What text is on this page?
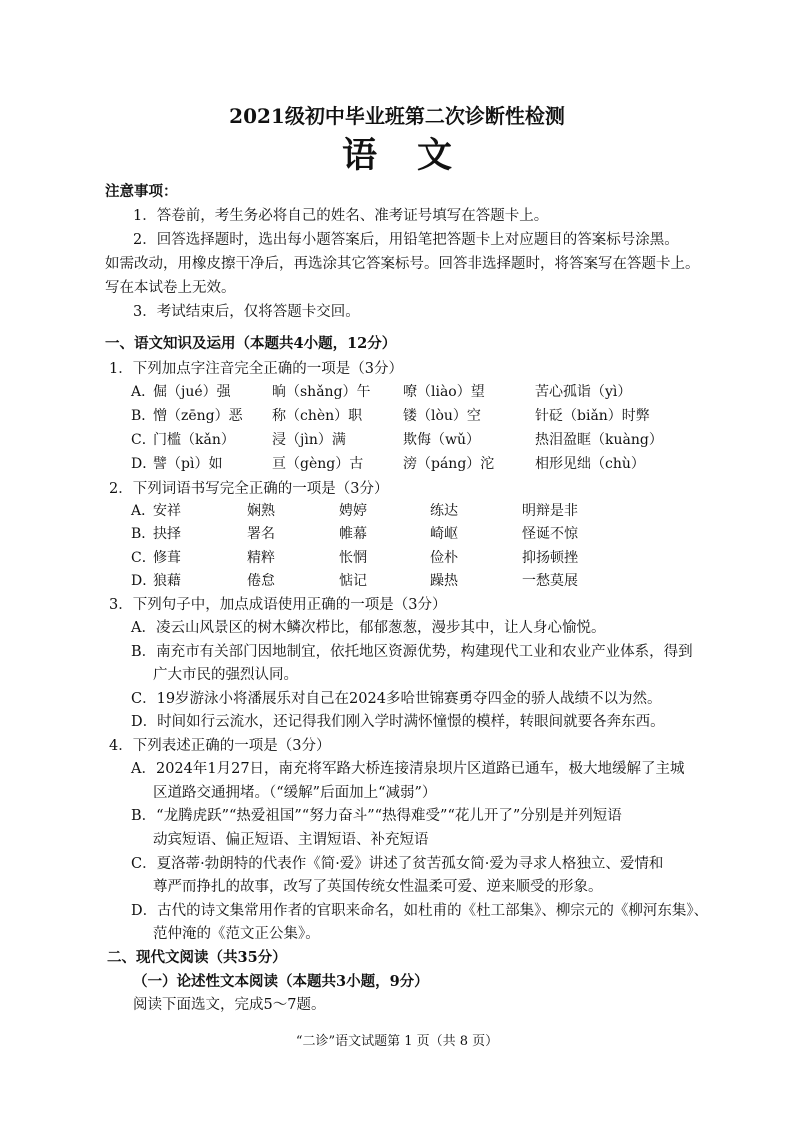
2021级初中毕业班第二次诊断性检测
语文
注意事项：
1．答卷前，考生务必将自己的姓名、准考证号填写在答题卡上。
2．回答选择题时，选出每小题答案后，用铅笔把答题卡上对应题目的答案标号涂黑。
如需改动，用橡皮擦干净后，再选涂其它答案标号。回答非选择题时，将答案写在答题卡上。
写在本试卷上无效。
3．考试结束后，仅将答题卡交回。
一、语文知识及运用（本题共4小题，12分）
1．下列加点字注音完全正确的一项是（3分）
A．
倔（jué）强	晌（shǎng）午 嘹（liào）望	苦心孤诣（yì）
B．
憎（zēng）恶 称（chèn）职	镂（lòu）空	针砭（biǎn）时弊
C．
门槛（kǎn）	浸（jìn）满	欺侮（wǔ）	热泪盈眶（kuàng）
D．
譬（pì）如	亘（gèng）古	滂（páng）沱	相形见绌（chù）
2．下列词语书写完全正确的一项是（3分）
A．
安祥	娴熟	娉婷	练达	明辩是非
B．
抉择	署名	帷幕	崎岖	怪诞不惊
C．
修葺	精粹	怅惘	俭朴	抑扬顿挫
D．
狼藉	倦怠	惦记	躁热	一愁莫展
3．下列句子中，加点成语使用正确的一项是（3分）
A．凌云山风景区的树木鳞次栉比，郁郁葱葱，漫步其中，让人身心愉悦。
B．南充市有关部门因地制宜，依托地区资源优势，构建现代工业和农业产业体系，得到
广大市民的强烈认同。
C．19岁游泳小将潘展乐对自己在2024多哈世锦赛勇夺四金的骄人战绩不以为然。
D．时间如行云流水，还记得我们刚入学时满怀憧憬的模样，转眼间就要各奔东西。
4．下列表述正确的一项是（3分）
A．2024年1月27日，南充将军路大桥连接清泉坝片区道路已通车，极大地缓解了主城
区道路交通拥堵。（“缓解”后面加上“减弱”）
B．“龙腾虎跃”“热爱祖国”“努力奋斗”“热得难受”“花儿开了”分别是并列短语
动宾短语、偏正短语、主谓短语、补充短语
C．夏洛蒂·勃朗特的代表作《简·爱》讲述了贫苦孤女简·爱为寻求人格独立、爱情和
尊严而挣扎的故事，改写了英国传统女性温柔可爱、逆来顺受的形象。
D．古代的诗文集常用作者的官职来命名，如杜甫的《杜工部集》、柳宗元的《柳河东集》、
范仲淹的《范文正公集》。
二、现代文阅读（共35分）
（一）论述性文本阅读（本题共3小题，9分）
阅读下面选文，完成5～7题。
“二诊”语文试题第 1 页（共 8 页）
